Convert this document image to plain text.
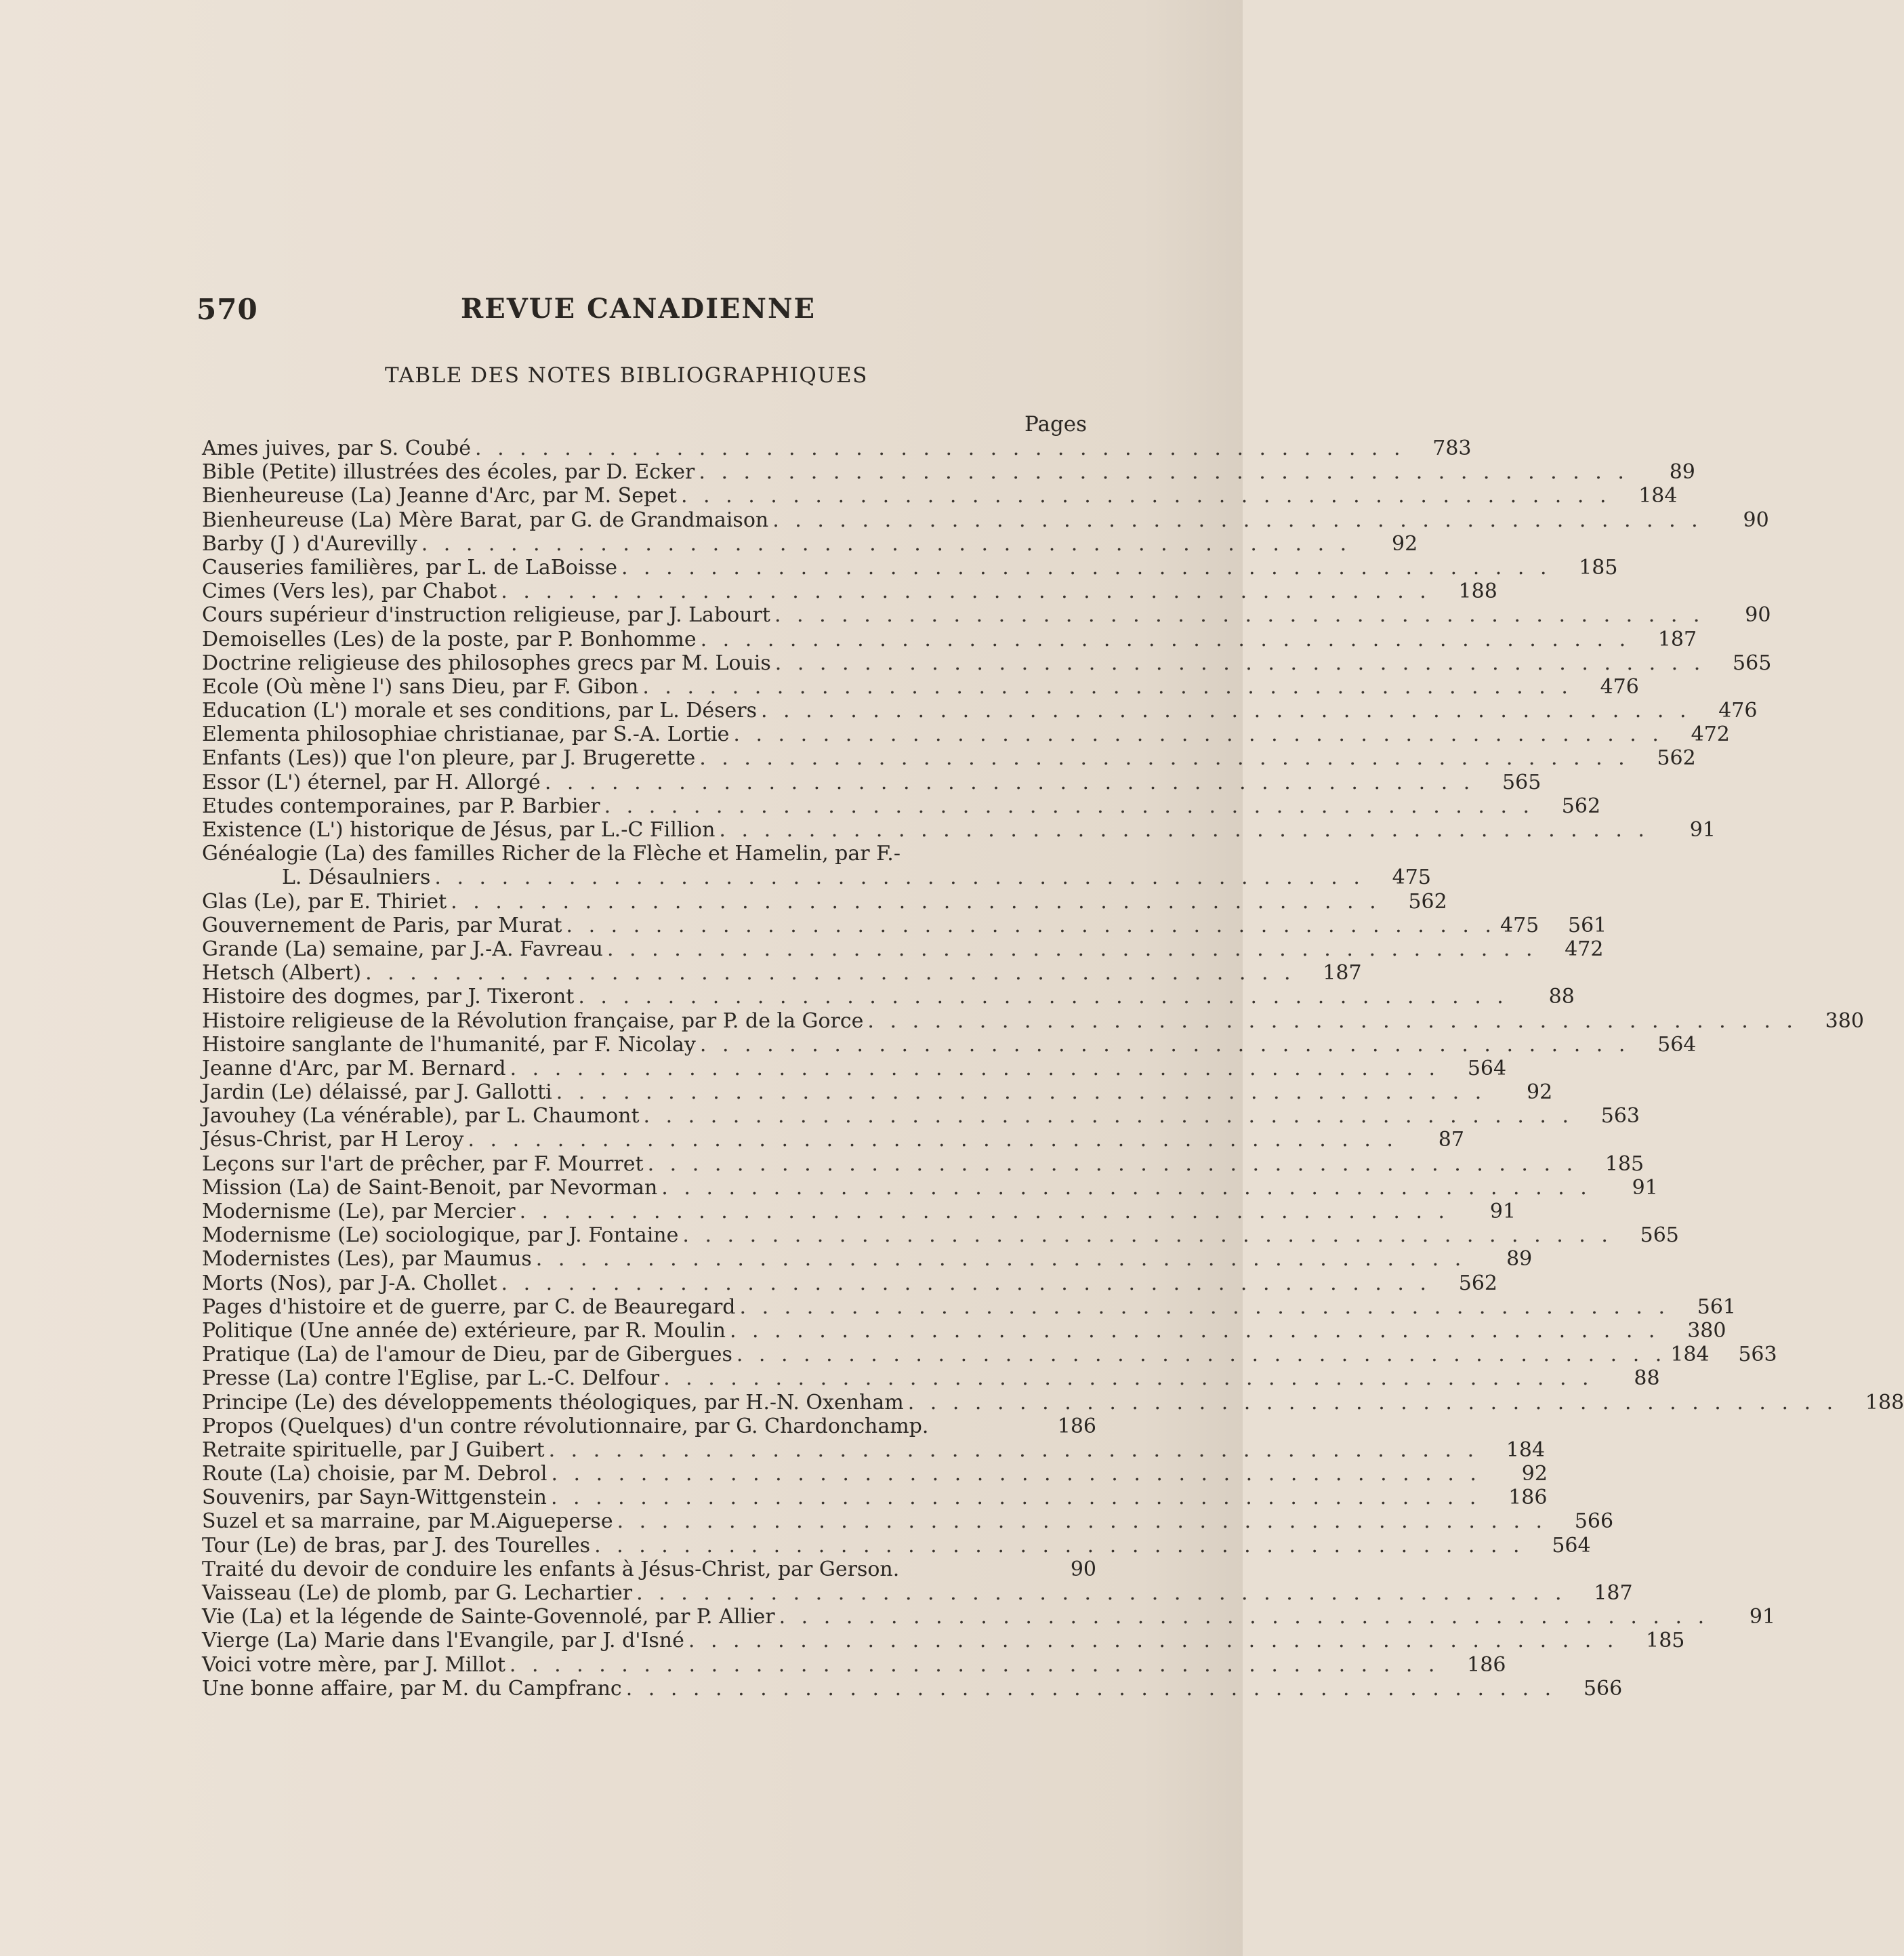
570	REVUE CANADIENNE
TABLE DES NOTES BIBLIOGRAPHIQUES
Pages
Ames juives, par S. Coubé . . . . . . . . . . . . . . . . . . . . . . . . . . . . . . . . . . . . . . . . . .	783
Bible (Petite) illustrées des écoles, par D. Ecker . . . . . . . . . . . . . . . . . . . . . . . . . . . . . . . . . . . . . . . . . .	89
Bienheureuse (La) Jeanne d'Arc, par M. Sepet . . . . . . . . . . . . . . . . . . . . . . . . . . . . . . . . . . . . . . . . . .	184
Bienheureuse (La) Mère Barat, par G. de Grandmaison . . . . . . . . . . . . . . . . . . . . . . . . . . . . . . . . . . . . . . . . . .	90
Barby (J ) d'Aurevilly . . . . . . . . . . . . . . . . . . . . . . . . . . . . . . . . . . . . . . . . . .	92
Causeries familières, par L. de LaBoisse . . . . . . . . . . . . . . . . . . . . . . . . . . . . . . . . . . . . . . . . . .	185
Cimes (Vers les), par Chabot . . . . . . . . . . . . . . . . . . . . . . . . . . . . . . . . . . . . . . . . . .	188
Cours supérieur d'instruction religieuse, par J. Labourt . . . . . . . . . . . . . . . . . . . . . . . . . . . . . . . . . . . . . . . . . .	90
Demoiselles (Les) de la poste, par P. Bonhomme . . . . . . . . . . . . . . . . . . . . . . . . . . . . . . . . . . . . . . . . . .	187
Doctrine religieuse des philosophes grecs par M. Louis . . . . . . . . . . . . . . . . . . . . . . . . . . . . . . . . . . . . . . . . . .	565
Ecole (Où mène l') sans Dieu, par F. Gibon . . . . . . . . . . . . . . . . . . . . . . . . . . . . . . . . . . . . . . . . . .	476
Education (L') morale et ses conditions, par L. Désers . . . . . . . . . . . . . . . . . . . . . . . . . . . . . . . . . . . . . . . . . .	476
Elementa philosophiae christianae, par S.-A. Lortie . . . . . . . . . . . . . . . . . . . . . . . . . . . . . . . . . . . . . . . . . .	472
Enfants (Les)) que l'on pleure, par J. Brugerette . . . . . . . . . . . . . . . . . . . . . . . . . . . . . . . . . . . . . . . . . .	562
Essor (L') éternel, par H. Allorgé . . . . . . . . . . . . . . . . . . . . . . . . . . . . . . . . . . . . . . . . . .	565
Etudes contemporaines, par P. Barbier . . . . . . . . . . . . . . . . . . . . . . . . . . . . . . . . . . . . . . . . . .	562
Existence (L') historique de Jésus, par L.-C Fillion . . . . . . . . . . . . . . . . . . . . . . . . . . . . . . . . . . . . . . . . . .	91
Généalogie (La) des familles Richer de la Flèche et Hamelin, par F.-
L. Désaulniers . . . . . . . . . . . . . . . . . . . . . . . . . . . . . . . . . . . . . . . . . .	475
Glas (Le), par E. Thiriet . . . . . . . . . . . . . . . . . . . . . . . . . . . . . . . . . . . . . . . . . .	562
Gouvernement de Paris, par Murat . . . . . . . . . . . . . . . . . . . . . . . . . . . . . . . . . . . . . . . . . . 475	561
Grande (La) semaine, par J.-A. Favreau . . . . . . . . . . . . . . . . . . . . . . . . . . . . . . . . . . . . . . . . . .	472
Hetsch (Albert) . . . . . . . . . . . . . . . . . . . . . . . . . . . . . . . . . . . . . . . . . .	187
Histoire des dogmes, par J. Tixeront . . . . . . . . . . . . . . . . . . . . . . . . . . . . . . . . . . . . . . . . . .	88
Histoire religieuse de la Révolution française, par P. de la Gorce . . . . . . . . . . . . . . . . . . . . . . . . . . . . . . . . . . . . . . . . . .	380
Histoire sanglante de l'humanité, par F. Nicolay . . . . . . . . . . . . . . . . . . . . . . . . . . . . . . . . . . . . . . . . . .	564
Jeanne d'Arc, par M. Bernard . . . . . . . . . . . . . . . . . . . . . . . . . . . . . . . . . . . . . . . . . .	564
Jardin (Le) délaissé, par J. Gallotti . . . . . . . . . . . . . . . . . . . . . . . . . . . . . . . . . . . . . . . . . .	92
Javouhey (La vénérable), par L. Chaumont . . . . . . . . . . . . . . . . . . . . . . . . . . . . . . . . . . . . . . . . . .	563
Jésus-Christ, par H Leroy . . . . . . . . . . . . . . . . . . . . . . . . . . . . . . . . . . . . . . . . . .	87
Leçons sur l'art de prêcher, par F. Mourret . . . . . . . . . . . . . . . . . . . . . . . . . . . . . . . . . . . . . . . . . .	185
Mission (La) de Saint-Benoit, par Nevorman . . . . . . . . . . . . . . . . . . . . . . . . . . . . . . . . . . . . . . . . . .	91
Modernisme (Le), par Mercier . . . . . . . . . . . . . . . . . . . . . . . . . . . . . . . . . . . . . . . . . .	91
Modernisme (Le) sociologique, par J. Fontaine . . . . . . . . . . . . . . . . . . . . . . . . . . . . . . . . . . . . . . . . . .	565
Modernistes (Les), par Maumus . . . . . . . . . . . . . . . . . . . . . . . . . . . . . . . . . . . . . . . . . .	89
Morts (Nos), par J-A. Chollet . . . . . . . . . . . . . . . . . . . . . . . . . . . . . . . . . . . . . . . . . .	562
Pages d'histoire et de guerre, par C. de Beauregard . . . . . . . . . . . . . . . . . . . . . . . . . . . . . . . . . . . . . . . . . .	561
Politique (Une année de) extérieure, par R. Moulin . . . . . . . . . . . . . . . . . . . . . . . . . . . . . . . . . . . . . . . . . .	380
Pratique (La) de l'amour de Dieu, par de Gibergues . . . . . . . . . . . . . . . . . . . . . . . . . . . . . . . . . . . . . . . . . . 184	563
Presse (La) contre l'Eglise, par L.-C. Delfour . . . . . . . . . . . . . . . . . . . . . . . . . . . . . . . . . . . . . . . . . .	88
Principe (Le) des développements théologiques, par H.-N. Oxenham . . . . . . . . . . . . . . . . . . . . . . . . . . . . . . . . . . . . . . . . . .	188
Propos (Quelques) d'un contre révolutionnaire, par G. Chardonchamp.	186
Retraite spirituelle, par J Guibert . . . . . . . . . . . . . . . . . . . . . . . . . . . . . . . . . . . . . . . . . .	184
Route (La) choisie, par M. Debrol . . . . . . . . . . . . . . . . . . . . . . . . . . . . . . . . . . . . . . . . . .	92
Souvenirs, par Sayn-Wittgenstein . . . . . . . . . . . . . . . . . . . . . . . . . . . . . . . . . . . . . . . . . .	186
Suzel et sa marraine, par M.Aigueperse . . . . . . . . . . . . . . . . . . . . . . . . . . . . . . . . . . . . . . . . . .	566
Tour (Le) de bras, par J. des Tourelles . . . . . . . . . . . . . . . . . . . . . . . . . . . . . . . . . . . . . . . . . .	564
Traité du devoir de conduire les enfants à Jésus-Christ, par Gerson.	90
Vaisseau (Le) de plomb, par G. Lechartier . . . . . . . . . . . . . . . . . . . . . . . . . . . . . . . . . . . . . . . . . .	187
Vie (La) et la légende de Sainte-Govennolé, par P. Allier . . . . . . . . . . . . . . . . . . . . . . . . . . . . . . . . . . . . . . . . . .	91
Vierge (La) Marie dans l'Evangile, par J. d'Isné . . . . . . . . . . . . . . . . . . . . . . . . . . . . . . . . . . . . . . . . . .	185
Voici votre mère, par J. Millot . . . . . . . . . . . . . . . . . . . . . . . . . . . . . . . . . . . . . . . . . .	186
Une bonne affaire, par M. du Campfranc . . . . . . . . . . . . . . . . . . . . . . . . . . . . . . . . . . . . . . . . . .	566
